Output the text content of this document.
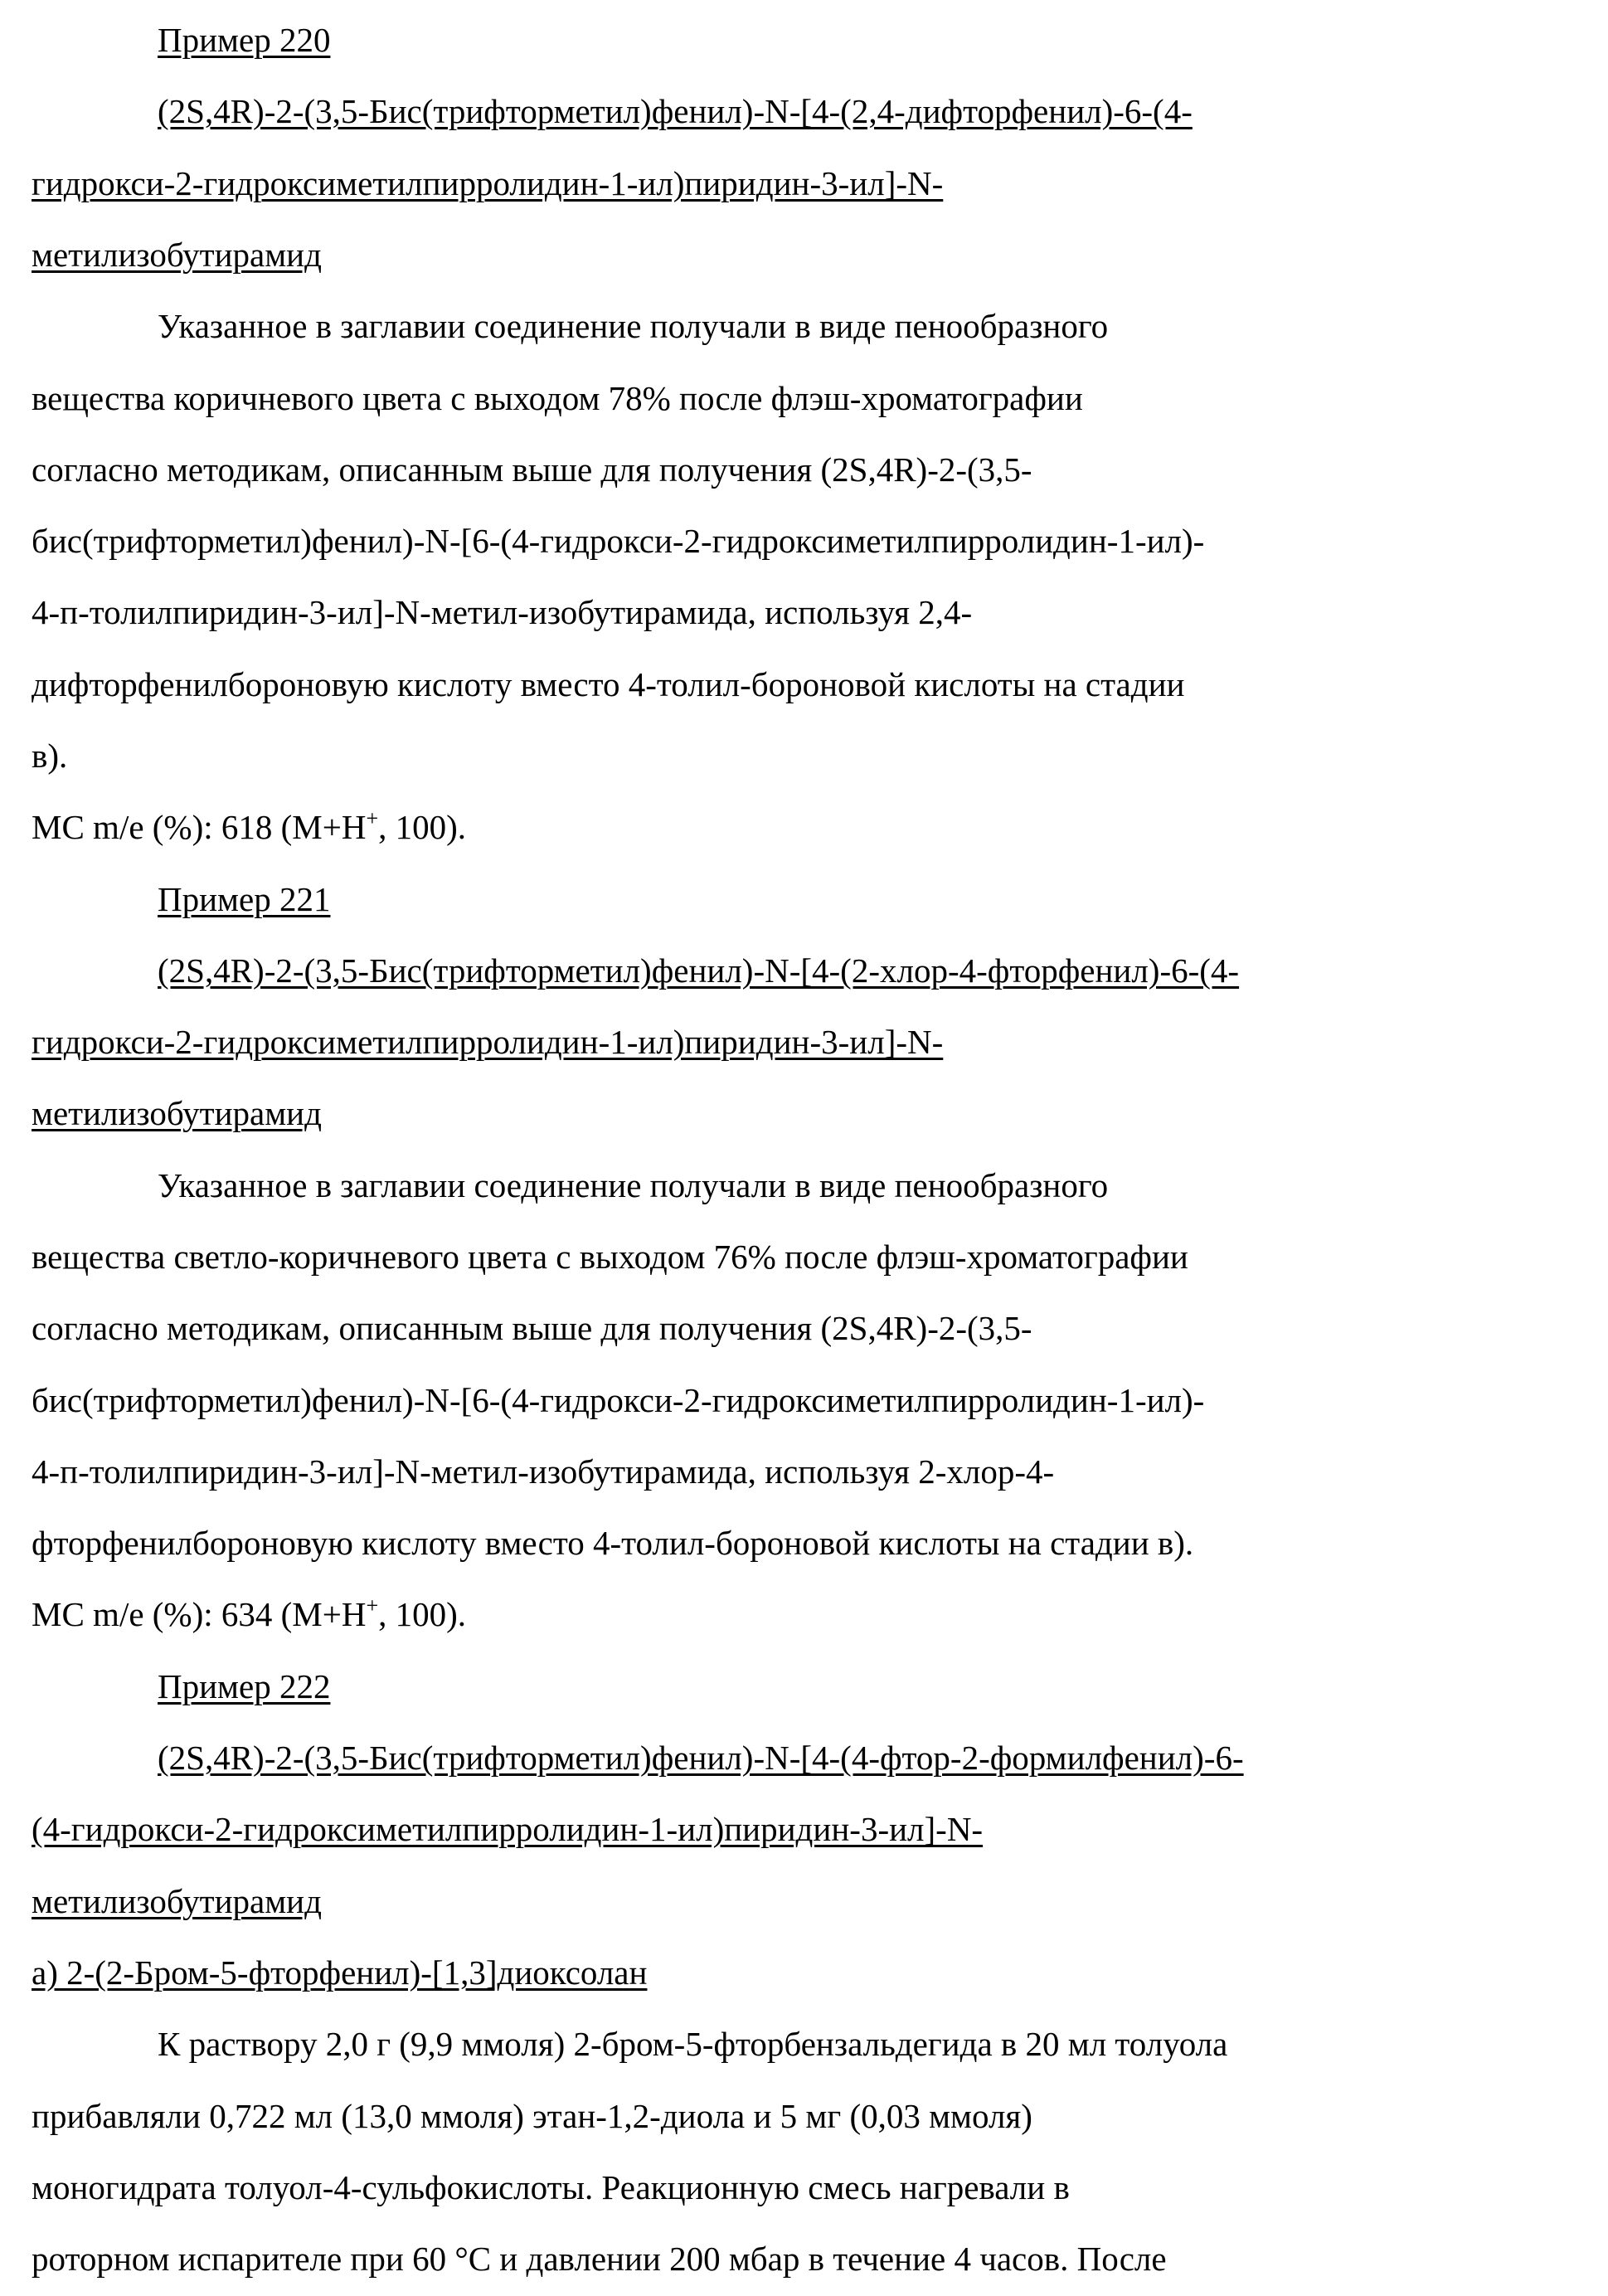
Пример 220
(2S,4R)-2-(3,5-Бис(трифторметил)фенил)-N-[4-(2,4-дифторфенил)-6-(4-
гидрокси-2-гидроксиметилпирролидин-1-ил)пиридин-3-ил]-N-
метилизобутирамид
Указанное в заглавии соединение получали в виде пенообразного
вещества коричневого цвета с выходом 78% после флэш-хроматографии
согласно методикам, описанным выше для получения (2S,4R)-2-(3,5-
бис(трифторметил)фенил)-N-[6-(4-гидрокси-2-гидроксиметилпирролидин-1-ил)-
4-п-толилпиридин-3-ил]-N-метил-изобутирамида, используя 2,4-
дифторфенилбороновую кислоту вместо 4-толил-бороновой кислоты на стадии
в).
МС m/e (%): 618 (M+H+, 100).
Пример 221
(2S,4R)-2-(3,5-Бис(трифторметил)фенил)-N-[4-(2-хлор-4-фторфенил)-6-(4-
гидрокси-2-гидроксиметилпирролидин-1-ил)пиридин-3-ил]-N-
метилизобутирамид
Указанное в заглавии соединение получали в виде пенообразного
вещества светло-коричневого цвета с выходом 76% после флэш-хроматографии
согласно методикам, описанным выше для получения (2S,4R)-2-(3,5-
бис(трифторметил)фенил)-N-[6-(4-гидрокси-2-гидроксиметилпирролидин-1-ил)-
4-п-толилпиридин-3-ил]-N-метил-изобутирамида, используя 2-хлор-4-
фторфенилбороновую кислоту вместо 4-толил-бороновой кислоты на стадии в).
МС m/e (%): 634 (M+H+, 100).
Пример 222
(2S,4R)-2-(3,5-Бис(трифторметил)фенил)-N-[4-(4-фтор-2-формилфенил)-6-
(4-гидрокси-2-гидроксиметилпирролидин-1-ил)пиридин-3-ил]-N-
метилизобутирамид
а) 2-(2-Бром-5-фторфенил)-[1,3]диоксолан
К раствору 2,0 г (9,9 ммоля) 2-бром-5-фторбензальдегида в 20 мл толуола
прибавляли 0,722 мл (13,0 ммоля) этан-1,2-диола и 5 мг (0,03 ммоля)
моногидрата толуол-4-сульфокислоты. Реакционную смесь нагревали в
роторном испарителе при 60 °С и давлении 200 мбар в течение 4 часов. После
